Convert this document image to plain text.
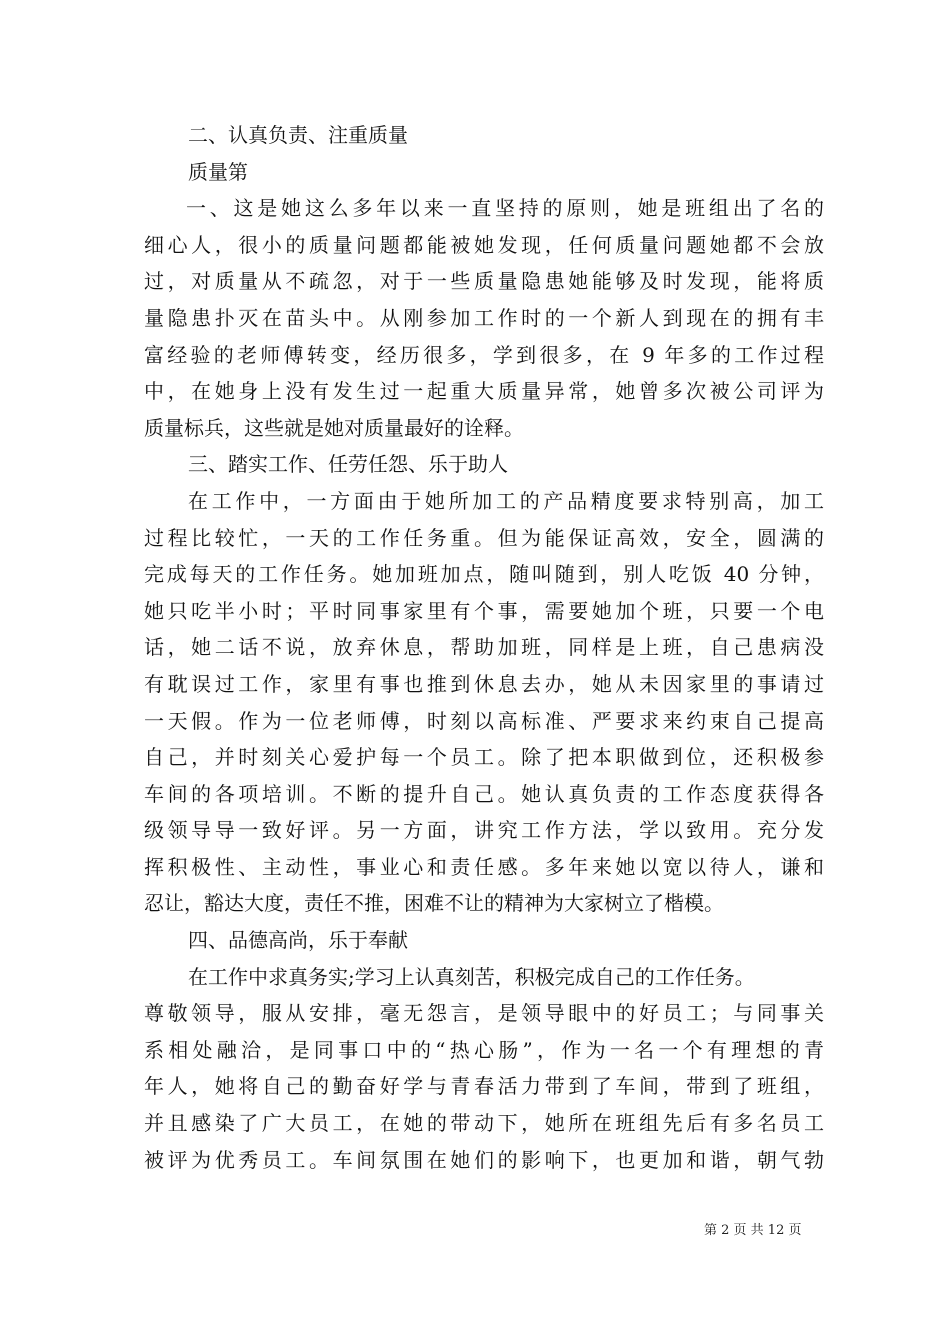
二、认真负责、注重质量
质量第
一、这是她这么多年以来一直坚持的原则，她是班组出了名的
细心人，很小的质量问题都能被她发现，任何质量问题她都不会放
过，对质量从不疏忽，对于一些质量隐患她能够及时发现，能将质
量隐患扑灭在苗头中。从刚参加工作时的一个新人到现在的拥有丰
富经验的老师傅转变，经历很多，学到很多，在 9 年多的工作过程
中，在她身上没有发生过一起重大质量异常，她曾多次被公司评为
质量标兵，这些就是她对质量最好的诠释。
三、踏实工作、任劳任怨、乐于助人
在工作中，一方面由于她所加工的产品精度要求特别高，加工
过程比较忙，一天的工作任务重。但为能保证高效，安全，圆满的
完成每天的工作任务。她加班加点，随叫随到，别人吃饭 40 分钟，
她只吃半小时；平时同事家里有个事，需要她加个班，只要一个电
话，她二话不说，放弃休息，帮助加班，同样是上班，自己患病没
有耽误过工作，家里有事也推到休息去办，她从未因家里的事请过
一天假。作为一位老师傅，时刻以高标准、严要求来约束自己提高
自己，并时刻关心爱护每一个员工。除了把本职做到位，还积极参
车间的各项培训。不断的提升自己。她认真负责的工作态度获得各
级领导导一致好评。另一方面，讲究工作方法，学以致用。充分发
挥积极性、主动性，事业心和责任感。多年来她以宽以待人，谦和
忍让，豁达大度，责任不推，困难不让的精神为大家树立了楷模。
四、品德高尚，乐于奉献
在工作中求真务实;学习上认真刻苦，积极完成自己的工作任务。
尊敬领导，服从安排，毫无怨言，是领导眼中的好员工；与同事关
系相处融洽，是同事口中的“热心肠”，作为一名一个有理想的青
年人，她将自己的勤奋好学与青春活力带到了车间，带到了班组，
并且感染了广大员工，在她的带动下，她所在班组先后有多名员工
被评为优秀员工。车间氛围在她们的影响下，也更加和谐，朝气勃
第 2 页 共 12 页
